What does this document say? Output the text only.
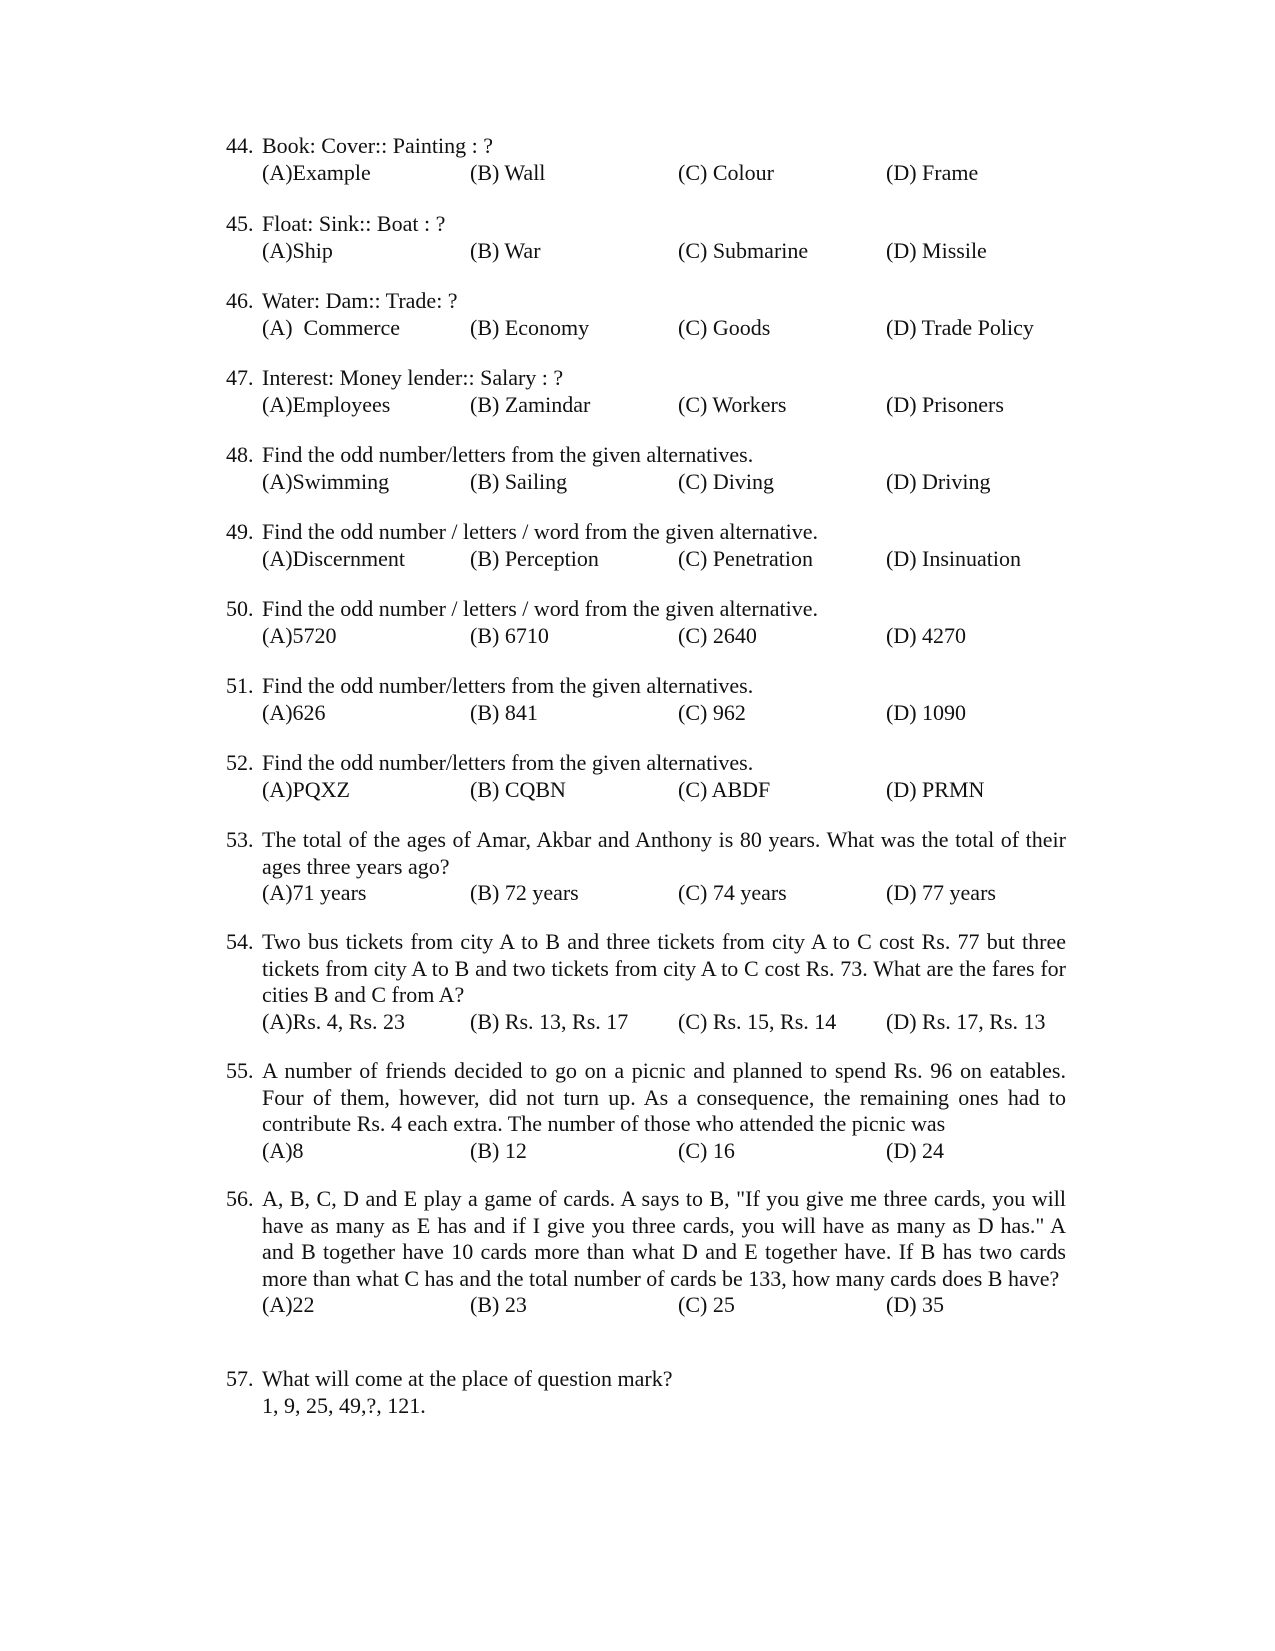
44. Book: Cover:: Painting : ?
(A)Example	(B) Wall	(C) Colour	(D) Frame
45. Float: Sink:: Boat : ?
(A)Ship	(B) War	(C) Submarine	(D) Missile
46. Water: Dam:: Trade: ?
(A)  Commerce	(B) Economy	(C) Goods	(D) Trade Policy
47. Interest: Money lender:: Salary : ?
(A)Employees	(B) Zamindar	(C) Workers	(D) Prisoners
48. Find the odd number/letters from the given alternatives.
(A)Swimming	(B) Sailing	(C) Diving	(D) Driving
49. Find the odd number / letters / word from the given alternative.
(A)Discernment	(B) Perception	(C) Penetration	(D) Insinuation
50. Find the odd number / letters / word from the given alternative.
(A)5720	(B) 6710	(C) 2640	(D) 4270
51. Find the odd number/letters from the given alternatives.
(A)626	(B) 841	(C) 962	(D) 1090
52. Find the odd number/letters from the given alternatives.
(A)PQXZ	(B) CQBN	(C) ABDF	(D) PRMN
53. The total of the ages of Amar, Akbar and Anthony is 80 years. What was the total of their ages three years ago?
(A)71 years	(B) 72 years	(C) 74 years	(D) 77 years
54. Two bus tickets from city A to B and three tickets from city A to C cost Rs. 77 but three tickets from city A to B and two tickets from city A to C cost Rs. 73. What are the fares for cities B and C from A?
(A)Rs. 4, Rs. 23	(B) Rs. 13, Rs. 17 (C) Rs. 15, Rs. 14 (D) Rs. 17, Rs. 13
55. A number of friends decided to go on a picnic and planned to spend Rs. 96 on eatables. Four of them, however, did not turn up. As a consequence, the remaining ones had to contribute Rs. 4 each extra. The number of those who attended the picnic was
(A)8	(B) 12	(C) 16	(D) 24
56. A, B, C, D and E play a game of cards. A says to B, "If you give me three cards, you will have as many as E has and if I give you three cards, you will have as many as D has." A and B together have 10 cards more than what D and E together have. If B has two cards more than what C has and the total number of cards be 133, how many cards does B have?
(A)22	(B) 23	(C) 25	(D) 35
57. What will come at the place of question mark?
1, 9, 25, 49,?, 121.
